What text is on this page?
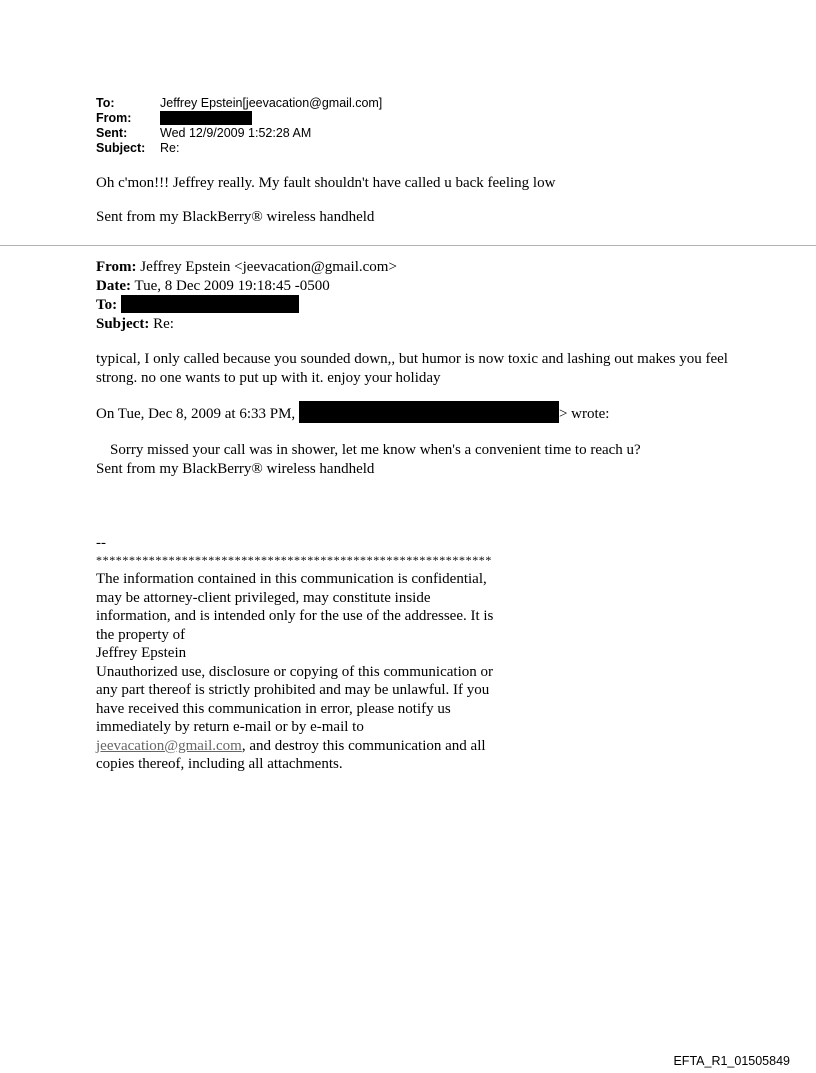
To:	Jeffrey Epstein[jeevacation@gmail.com]
From:
Sent:	Wed 12/9/2009 1:52:28 AM
Subject:	Re:
Oh c'mon!!! Jeffrey really. My fault shouldn't have called u back feeling low
Sent from my BlackBerry® wireless handheld
From: Jeffrey Epstein <jeevacation@gmail.com>
Date: Tue, 8 Dec 2009 19:18:45 -0500
To:
Subject: Re:
typical, I only called because you sounded down,, but humor is now toxic and lashing out makes you feel strong. no one wants to put up with it. enjoy your holiday
On Tue, Dec 8, 2009 at 6:33 PM,	> wrote:
Sorry missed your call was in shower, let me know when's a convenient time to reach u?
Sent from my BlackBerry® wireless handheld
--
************************************************************
The information contained in this communication is confidential, may be attorney-client privileged, may constitute inside information, and is intended only for the use of the addressee. It is the property of
Jeffrey Epstein
Unauthorized use, disclosure or copying of this communication or any part thereof is strictly prohibited and may be unlawful. If you have received this communication in error, please notify us immediately by return e-mail or by e-mail to jeevacation@gmail.com, and destroy this communication and all copies thereof, including all attachments.
EFTA_R1_01505849
